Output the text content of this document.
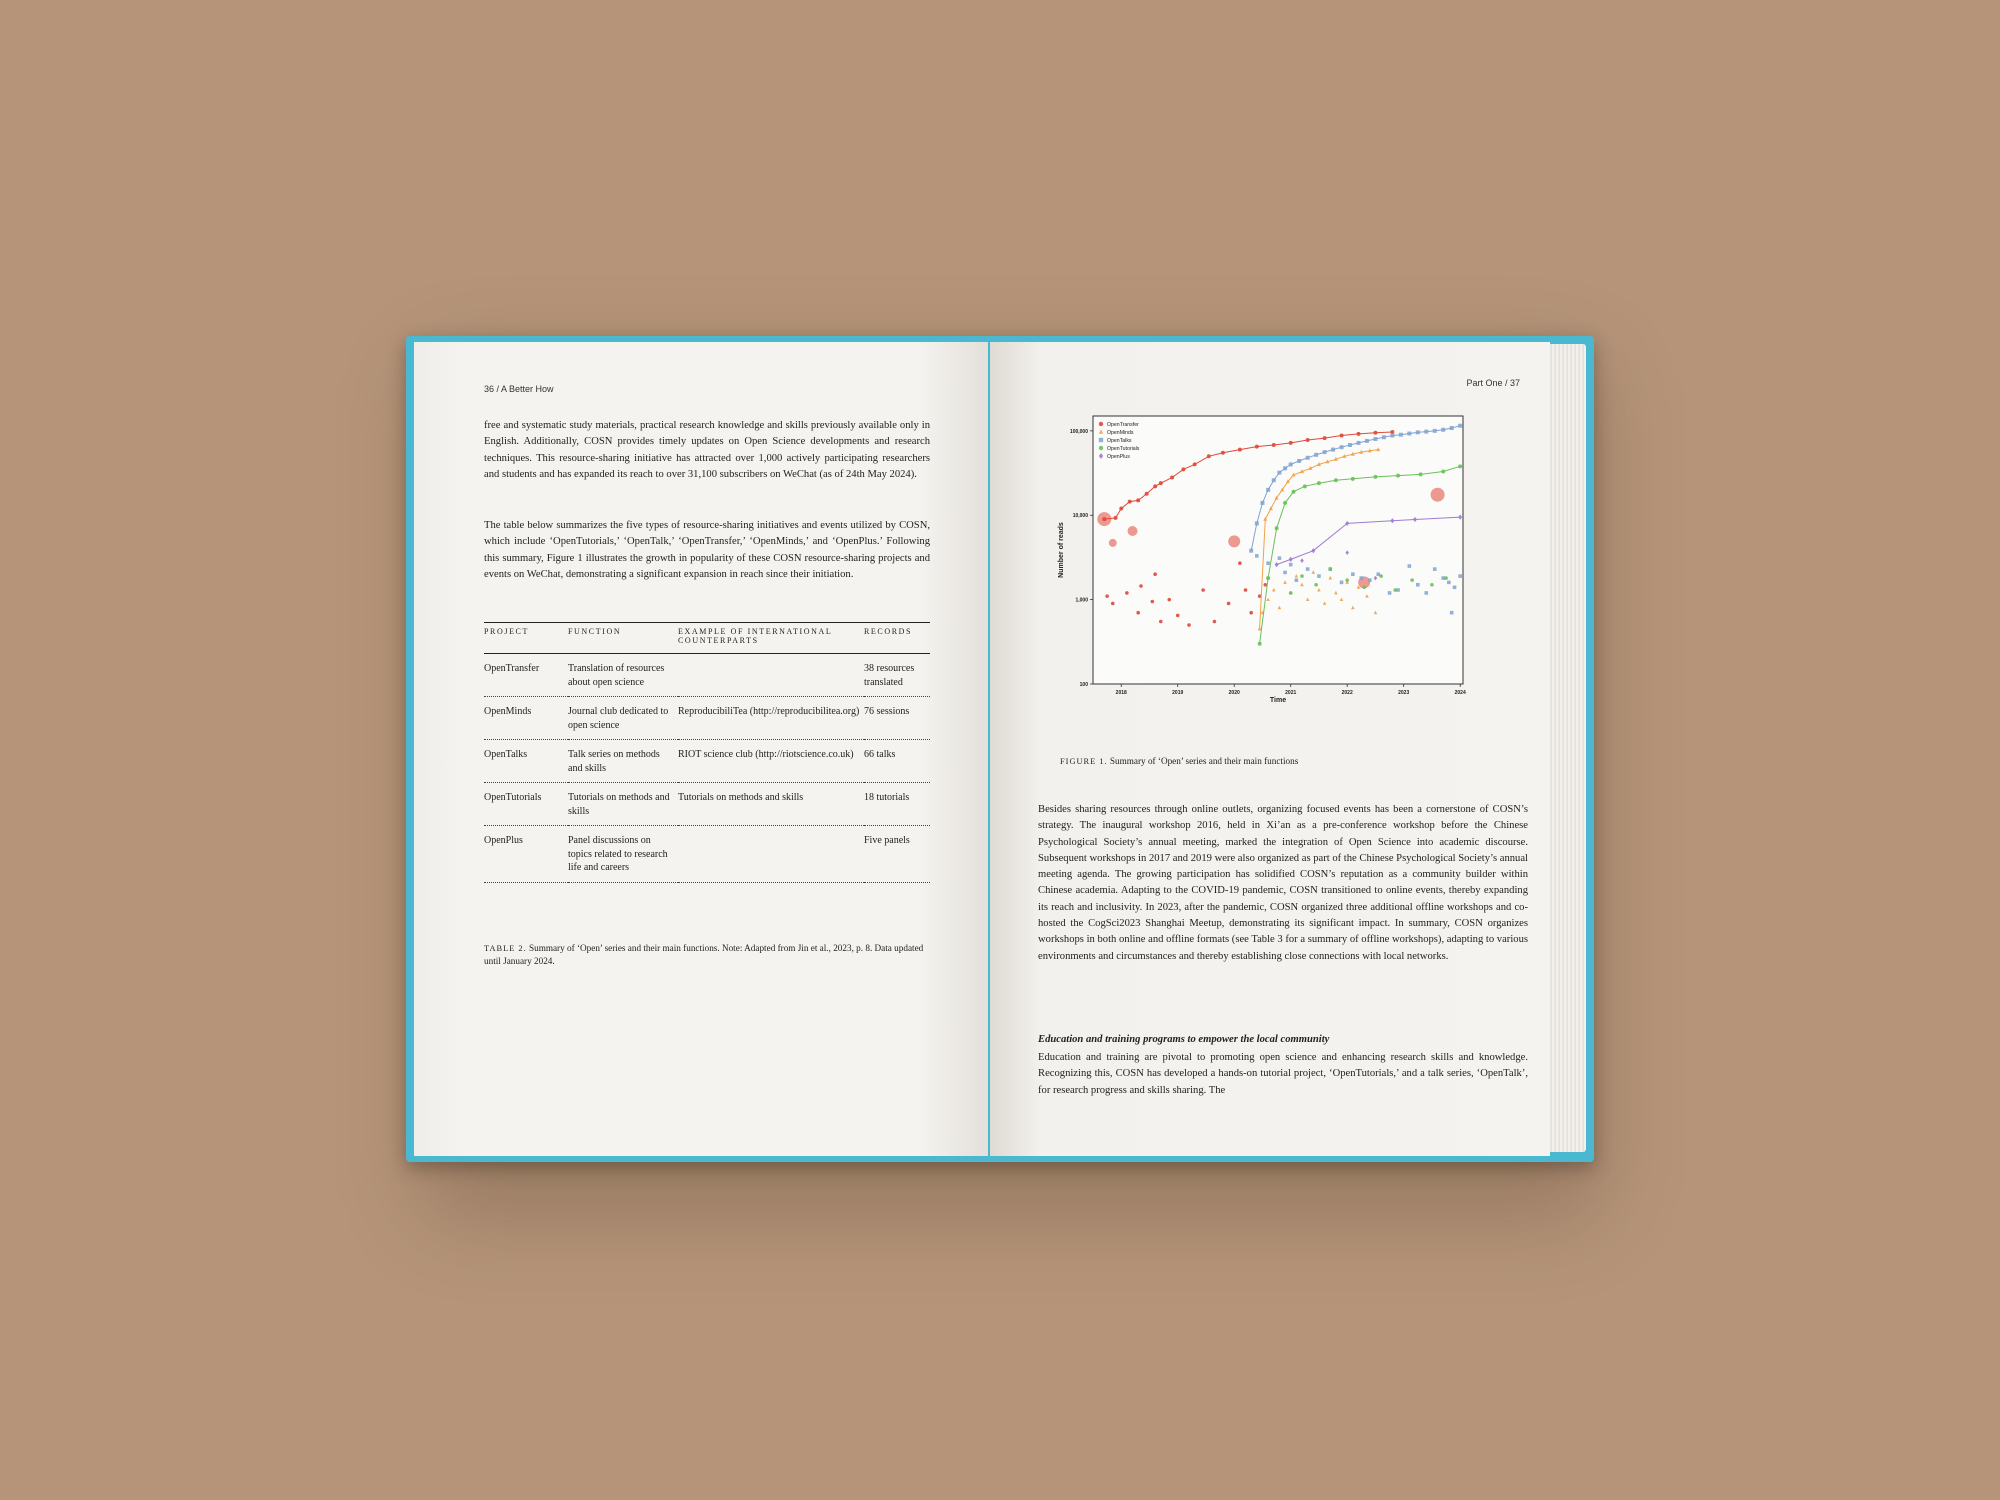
36 / A Better How

free and systematic study materials, practical research knowledge and skills previously available only in English. Additionally, COSN provides timely updates on Open Science developments and research techniques. This resource-sharing initiative has attracted over 1,000 actively participating researchers and students and has expanded its reach to over 31,100 subscribers on WeChat (as of 24th May 2024).

The table below summarizes the five types of resource-sharing initiatives and events utilized by COSN, which include ‘OpenTutorials,’ ‘OpenTalk,’ ‘OpenTransfer,’ ‘OpenMinds,’ and ‘OpenPlus.’ Following this summary, Figure 1 illustrates the growth in popularity of these COSN resource-sharing projects and events on WeChat, demonstrating a significant expansion in reach since their initiation.

PROJECT	FUNCTION	EXAMPLE OF INTERNATIONAL COUNTERPARTS	RECORDS
OpenTransfer	Translation of resources about open science		38 resources translated
OpenMinds	Journal club dedicated to open science	ReproducibiliTea (http://reproducibilitea.org)	76 sessions
OpenTalks	Talk series on methods and skills	RIOT science club (http://riotscience.co.uk)	66 talks
OpenTutorials	Tutorials on methods and skills	Tutorials on methods and skills	18 tutorials
OpenPlus	Panel discussions on topics related to research life and careers		Five panels

TABLE 2. Summary of ‘Open’ series and their main functions. Note: Adapted from Jin et al., 2023, p. 8. Data updated until January 2024.

Part One / 37
100
1,000
10,000
100,000
2018	2019	2020	2021	2022	2023	2024
Time
Number of reads
OpenTransfer
OpenMinds
OpenTalks
OpenTutorials
OpenPlus

FIGURE 1. Summary of ‘Open’ series and their main functions

Besides sharing resources through online outlets, organizing focused events has been a cornerstone of COSN’s strategy. The inaugural workshop 2016, held in Xi’an as a pre-conference workshop before the Chinese Psychological Society’s annual meeting, marked the integration of Open Science into academic discourse. Subsequent workshops in 2017 and 2019 were also organized as part of the Chinese Psychological Society’s annual meeting agenda. The growing participation has solidified COSN’s reputation as a community builder within Chinese academia. Adapting to the COVID-19 pandemic, COSN transitioned to online events, thereby expanding its reach and inclusivity. In 2023, after the pandemic, COSN organized three additional offline workshops and co-hosted the CogSci2023 Shanghai Meetup, demonstrating its significant impact. In summary, COSN organizes workshops in both online and offline formats (see Table 3 for a summary of offline workshops), adapting to various environments and circumstances and thereby establishing close connections with local networks.

Education and training programs to empower the local community

Education and training are pivotal to promoting open science and enhancing research skills and knowledge. Recognizing this, COSN has developed a hands-on tutorial project, ‘OpenTutorials,’ and a talk series, ‘OpenTalk’, for research progress and skills sharing. The
